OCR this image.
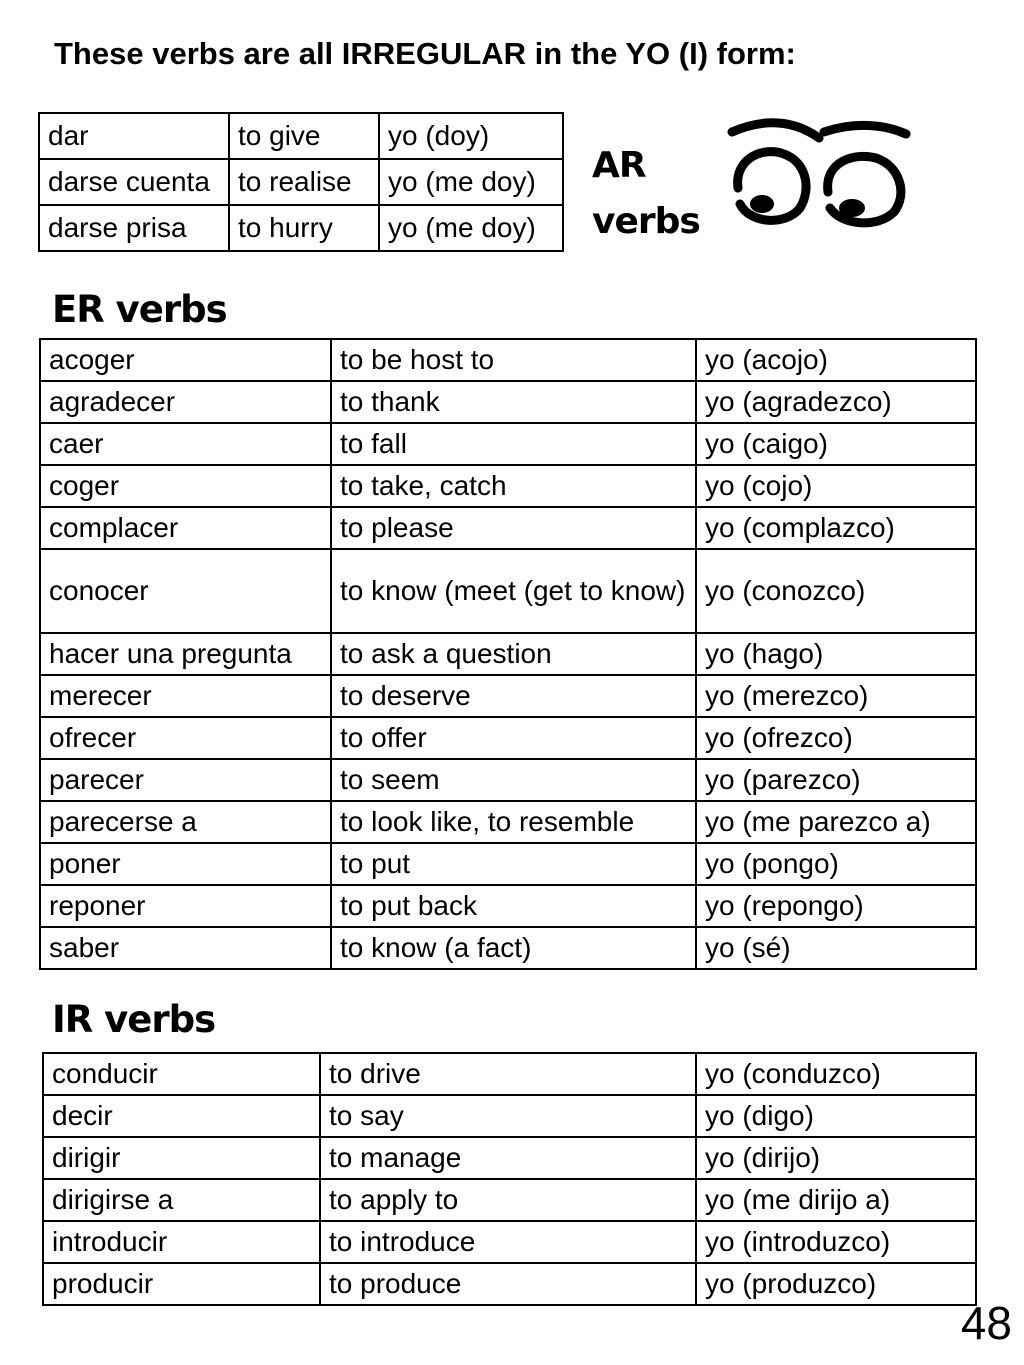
These verbs are all IRREGULAR in the YO (I) form:
dar	to give	yo (doy)
darse cuenta	to realise	yo (me doy)
darse prisa	to hurry	yo (me doy)
AR
verbs
ER verbs
acoger	to be host to	yo (acojo)
agradecer	to thank	yo (agradezco)
caer	to fall	yo (caigo)
coger	to take, catch	yo (cojo)
complacer	to please	yo (complazco)
conocer	to know (meet (get to know)	yo (conozco)
hacer una pregunta	to ask a question	yo (hago)
merecer	to deserve	yo (merezco)
ofrecer	to offer	yo (ofrezco)
parecer	to seem	yo (parezco)
parecerse a	to look like, to resemble	yo (me parezco a)
poner	to put	yo (pongo)
reponer	to put back	yo (repongo)
saber	to know (a fact)	yo (sé)
IR verbs
conducir	to drive	yo (conduzco)
decir	to say	yo (digo)
dirigir	to manage	yo (dirijo)
dirigirse a	to apply to	yo (me dirijo a)
introducir	to introduce	yo (introduzco)
producir	to produce	yo (produzco)
48
